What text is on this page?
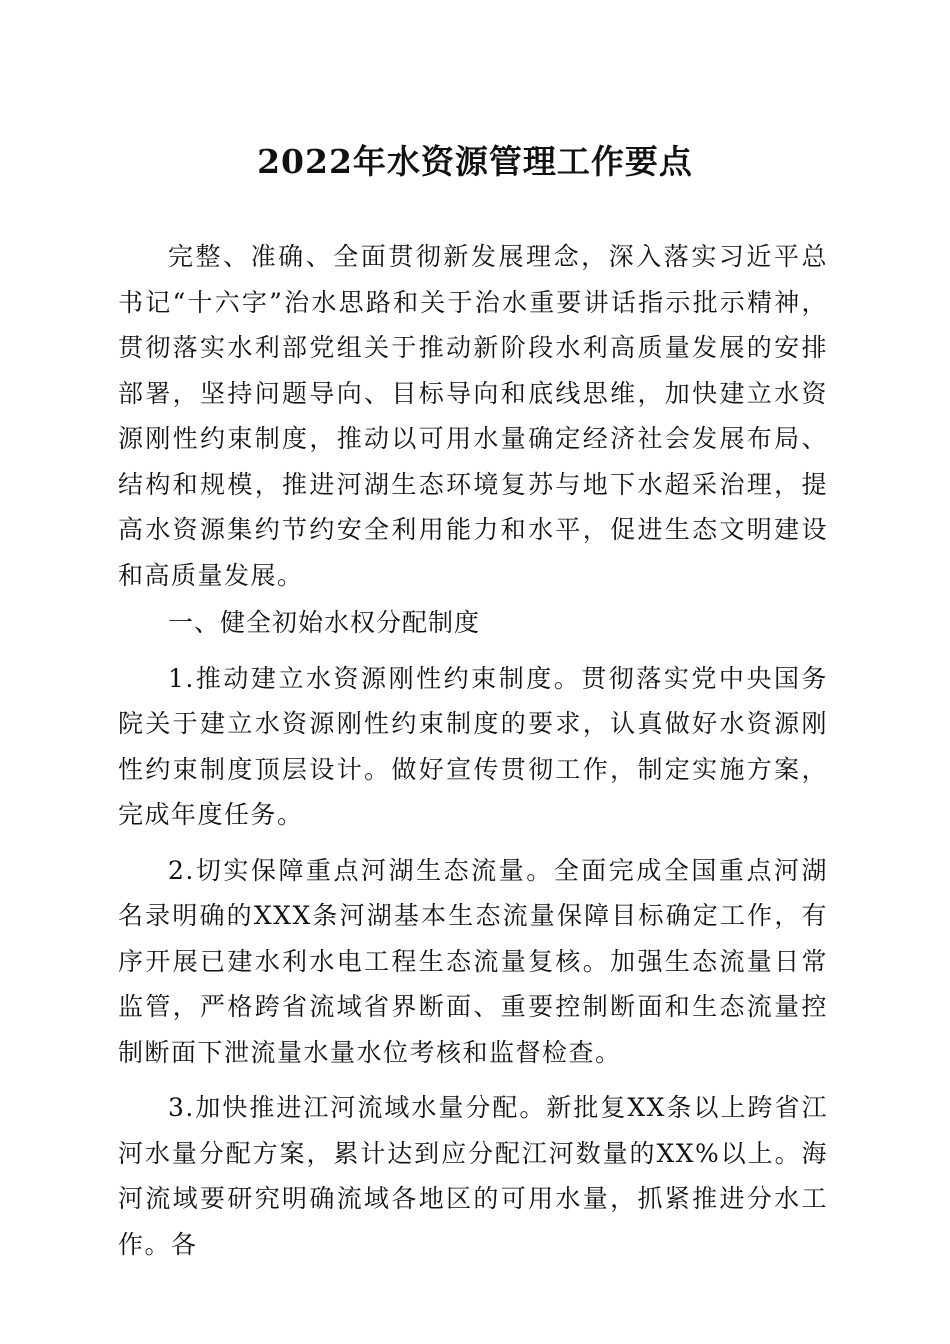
2022年水资源管理工作要点

完整、准确、全面贯彻新发展理念，深入落实习近平总书记“十六字”治水思路和关于治水重要讲话指示批示精神，贯彻落实水利部党组关于推动新阶段水利高质量发展的安排部署，坚持问题导向、目标导向和底线思维，加快建立水资源刚性约束制度，推动以可用水量确定经济社会发展布局、结构和规模，推进河湖生态环境复苏与地下水超采治理，提高水资源集约节约安全利用能力和水平，促进生态文明建设和高质量发展。

一、健全初始水权分配制度

1.推动建立水资源刚性约束制度。贯彻落实党中央国务院关于建立水资源刚性约束制度的要求，认真做好水资源刚性约束制度顶层设计。做好宣传贯彻工作，制定实施方案，完成年度任务。

2.切实保障重点河湖生态流量。全面完成全国重点河湖名录明确的XXX条河湖基本生态流量保障目标确定工作，有序开展已建水利水电工程生态流量复核。加强生态流量日常监管，严格跨省流域省界断面、重要控制断面和生态流量控制断面下泄流量水量水位考核和监督检查。

3.加快推进江河流域水量分配。新批复XX条以上跨省江河水量分配方案，累计达到应分配江河数量的XX%以上。海河流域要研究明确流域各地区的可用水量，抓紧推进分水工作。各
